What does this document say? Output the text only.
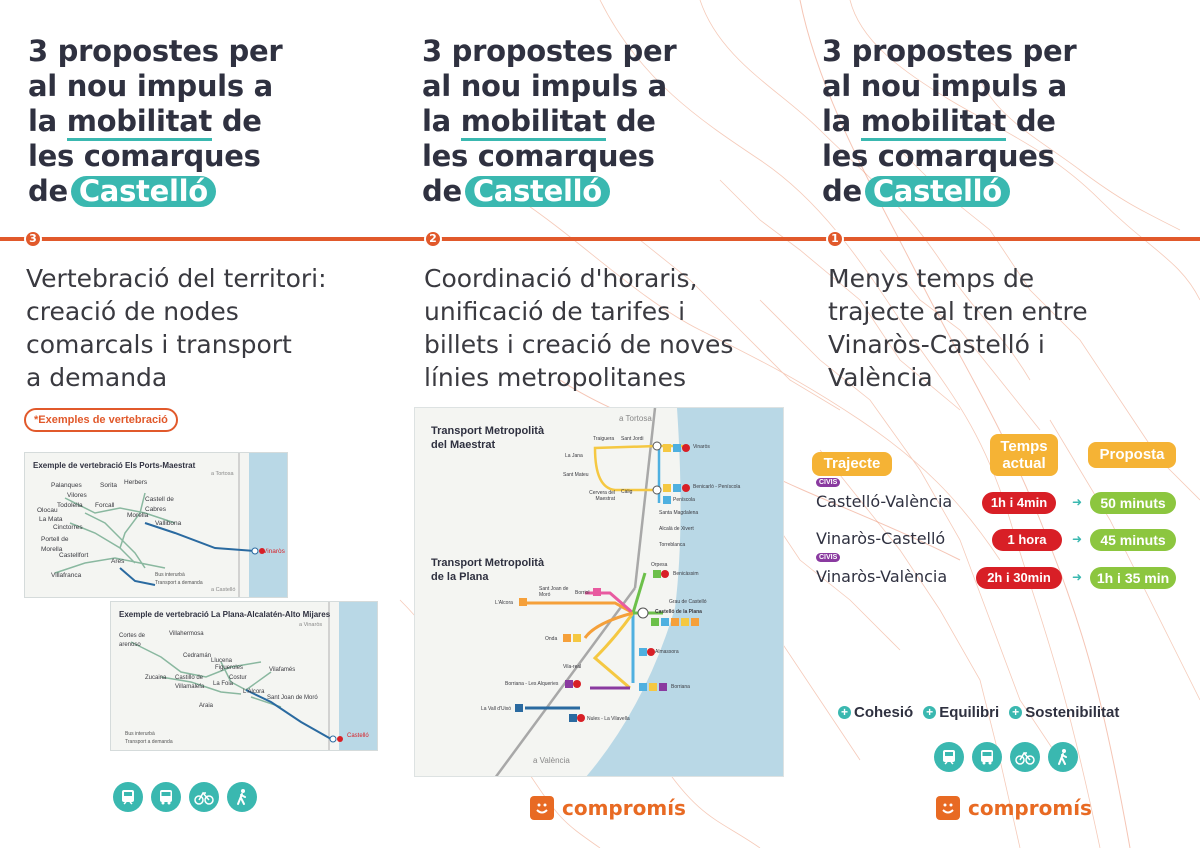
3 propostes per
al nou impuls a
la mobilitat de
les comarques
de Castelló
3
Vertebració del territori:
creació de nodes
comarcals i transport
a demanda
*Exemples de vertebració
Exemple de vertebració Els Ports-Maestrat
Palanques	Sorita Herbers
Vilores
Castell de Cabres
Todolella Forcall
Olocau
La Mata
Morella
Cinctorres
Vallibona
Portell de Morella
Castellfort
Ares
Villafranca
Vinaròs
a Tortosa
a Castelló
Bus interurbà
Transport a demanda
Exemple de vertebració La Plana-Alcalatén-Alto Mijares
Cortes de arenoso
Villahermosa
Cedramán
Llucena
Figueroles	Vilafamés
Zucaina Castillo de Villamalefa	La Foia
Costur
L'Alcora
Sant Joan de Moró
Araia
Castelló
a Vinaròs
Bus interurbà
Transport a demanda
3 propostes per
al nou impuls a
la mobilitat de
les comarques
de Castelló
2
Coordinació d'horaris,
unificació de tarifes i
billets i creació de noves
línies metropolitanes
Transport Metropolità
del Maestrat
Transport Metropolità
de la Plana
a Tortosa
a València
Traiguera Sant Jordi
Vinaròs
La Jana
Sant Mateu
Cervera del Maestrat
Càlig
Benicarló - Peníscola
Peníscola
Santa Magdalena
Alcalà de Xivert
Torreblanca
Orpesa
Benicàssim
Grau de Castelló
Castelló de la Plana
Sant Joan de Moró	Borriol
L'Alcora
Onda
Almassora
Vila-real
Borriana - Les Alqueries	Borriana
La Vall d'Uixó
Nules - La Vilavella
compromís
3 propostes per
al nou impuls a
la mobilitat de
les comarques
de Castelló
1
Menys temps de
trajecte al tren entre
Vinaròs-Castelló i
València
Trajecte
Temps
actual
Proposta
CIVIS
Castelló-València	1h i 4min	➜	50 minuts
Vinaròs-Castelló	1 hora	➜	45 minuts
CIVIS
Vinaròs-València	2h i 30min	➜	1h i 35 min
compromís
+ Cohesió + Equilibri + Sostenibilitat
